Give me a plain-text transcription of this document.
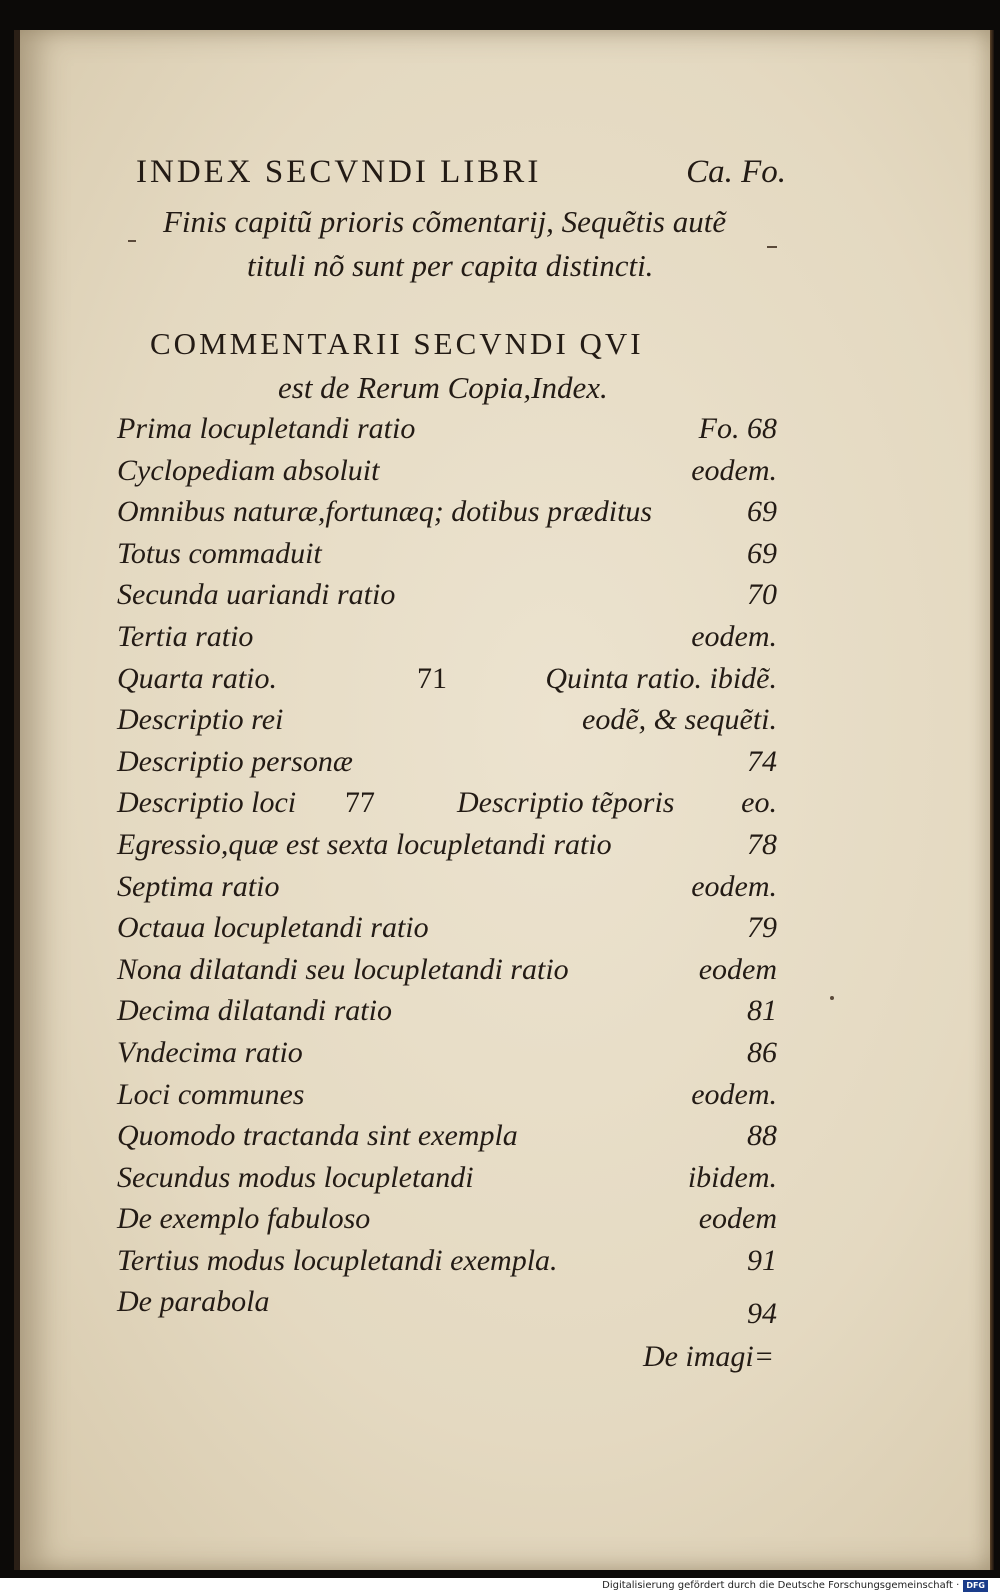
INDEX SECVNDI LIBRI	Ca. Fo.
Finis capitũ prioris cõmentarij, Sequẽtis autẽ
tituli nõ sunt per capita distincti.
COMMENTARII SECVNDI QVI
est de Rerum Copia,Index.
Prima locupletandi ratio	Fo. 68
Cyclopediam absoluit	eodem.
Omnibus naturæ,fortunæq; dotibus præditus	69
Totus commaduit	69
Secunda uariandi ratio	70
Tertia ratio	eodem.
Quarta ratio.	71	Quinta ratio. ibidẽ.
Descriptio rei	eodẽ, & sequẽti.
Descriptio personæ	74
Descriptio loci 77	Descriptio tẽporis eo.
Egressio,quæ est sexta locupletandi ratio	78
Septima ratio	eodem.
Octaua locupletandi ratio	79
Nona dilatandi seu locupletandi ratio	eodem
Decima dilatandi ratio	81
Vndecima ratio	86
Loci communes	eodem.
Quomodo tractanda sint exempla	88
Secundus modus locupletandi	ibidem.
De exemplo fabuloso	eodem
Tertius modus locupletandi exempla.	91
De parabola	94
De imagi=
Digitalisierung gefördert durch die Deutsche Forschungsgemeinschaft · DFG
